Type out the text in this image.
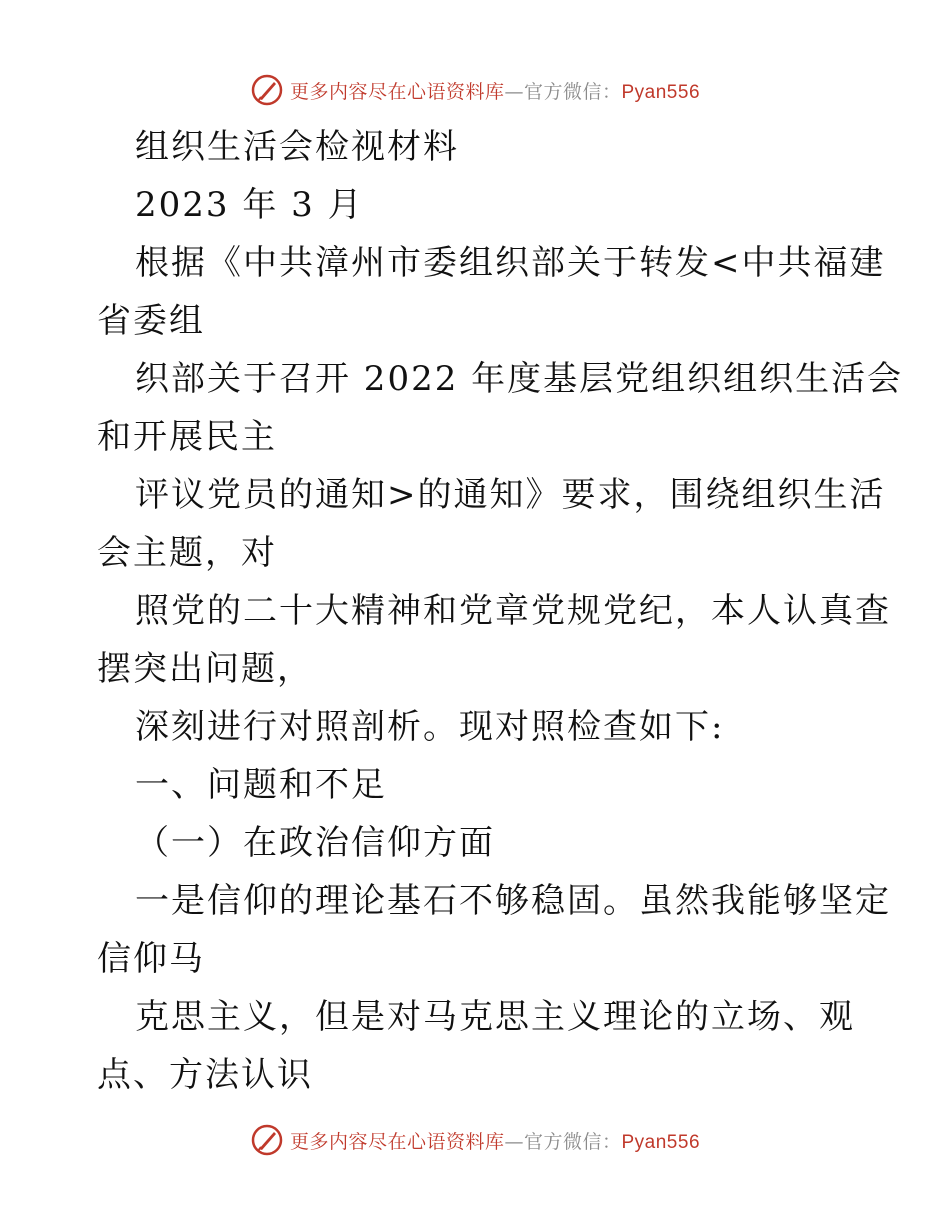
更多内容尽在心语资料库—官方微信：Pyan556
组织生活会检视材料
2023 年 3 月
根据《中共漳州市委组织部关于转发<中共福建
省委组
织部关于召开 2022 年度基层党组织组织生活会
和开展民主
评议党员的通知>的通知》要求，围绕组织生活
会主题，对
照党的二十大精神和党章党规党纪，本人认真查
摆突出问题，
深刻进行对照剖析。现对照检查如下:
一、问题和不足
（一）在政治信仰方面
一是信仰的理论基石不够稳固。虽然我能够坚定
信仰马
克思主义，但是对马克思主义理论的立场、观
点、方法认识
更多内容尽在心语资料库—官方微信：Pyan556
